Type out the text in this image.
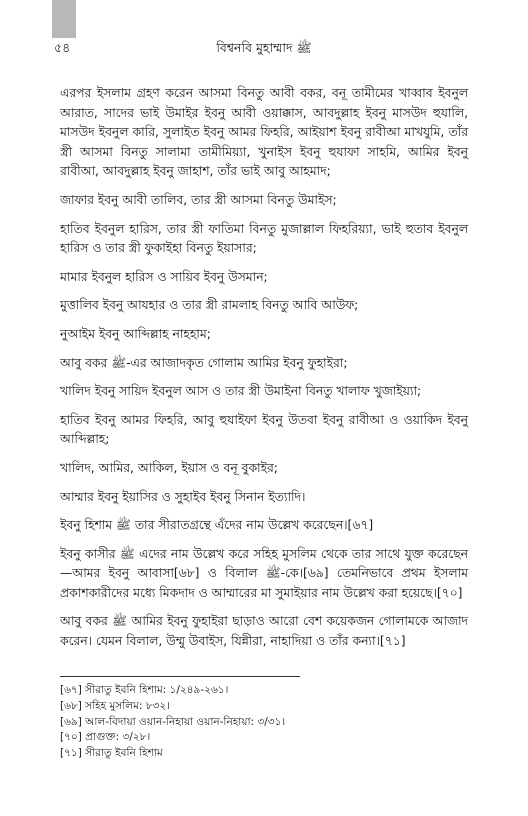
৫৪	বিশ্বনবি মুহাম্মাদ ﷺ

এরপর ইসলাম গ্রহণ করেন আসমা বিনতু আবী বকর, বনূ তামীমের খাব্বাব ইবনুল আরাত, সাদের ভাই উমাইর ইবনু আবী ওয়াক্কাস, আবদুল্লাহ ইবনু মাসউদ হুযালি, মাসউদ ইবনুল কারি, সুলাইত ইবনু আমর ফিহরি, আইয়াশ ইবনু রাবীআ মাখযুমি, তাঁর স্ত্রী আসমা বিনতু সালামা তামীমিয়্যা, খুনাইস ইবনু হুযাফা সাহমি, আমির ইবনু রাবীআ, আবদুল্লাহ ইবনু জাহাশ, তাঁর ভাই আবু আহমাদ;

জাফার ইবনু আবী তালিব, তার স্ত্রী আসমা বিনতু উমাইস;

হাতিব ইবনুল হারিস, তার স্ত্রী ফাতিমা বিনতু মুজাল্লাল ফিহরিয়্যা, ভাই হুতাব ইবনুল হারিস ও তার স্ত্রী ফুকাইহা বিনতু ইয়াসার;

মামার ইবনুল হারিস ও সায়িব ইবনু উসমান;

মুত্তালিব ইবনু আযহার ও তার স্ত্রী রামলাহ বিনতু আবি আউফ;

নুআইম ইবনু আব্দিল্লাহ নাহহাম;

আবু বকর ﷺ-এর আজাদকৃত গোলাম আমির ইবনু ফুহাইরা;

খালিদ ইবনু সায়িদ ইবনুল আস ও তার স্ত্রী উমাইনা বিনতু খালাফ খুজাইয়্যা;

হাতিব ইবনু আমর ফিহরি, আবু হুযাইফা ইবনু উতবা ইবনু রাবীআ ও ওয়াকিদ ইবনু আব্দিল্লাহ;

খালিদ, আমির, আকিল, ইয়াস ও বনূ বুকাইর;

আম্মার ইবনু ইয়াসির ও সুহাইব ইবনু সিনান ইত্যাদি।

ইবনু হিশাম ﷺ তার সীরাতগ্রন্থে এঁদের নাম উল্লেখ করেছেন।[৬৭]

ইবনু কাসীর ﷺ এদের নাম উল্লেখ করে সহিহ মুসলিম থেকে তার সাথে যুক্ত করেছেন—আমর ইবনু আবাসা[৬৮] ও বিলাল ﷺ-কে।[৬৯] তেমনিভাবে প্রথম ইসলাম প্রকাশকারীদের মধ্যে মিকদাদ ও আম্মারের মা সুমাইয়ার নাম উল্লেখ করা হয়েছে।[৭০]

আবু বকর ﷺ আমির ইবনু ফুহাইরা ছাড়াও আরো বেশ কয়েকজন গোলামকে আজাদ করেন। যেমন বিলাল, উম্মু উবাইস, যিন্নীরা, নাহাদিয়া ও তাঁর কন্যা।[৭১]

[৬৭] সীরাতু ইবনি হিশাম: ১/২৪৯-২৬১।

[৬৮] সহিহ মুসলিম: ৮৩২।

[৬৯] আল-বিদায়া ওয়ান-নিহায়া ওয়ান-নিহায়া: ৩/৩১।

[৭০] প্রাগুক্ত: ৩/২৮।

[৭১] সীরাতু ইবনি হিশাম
